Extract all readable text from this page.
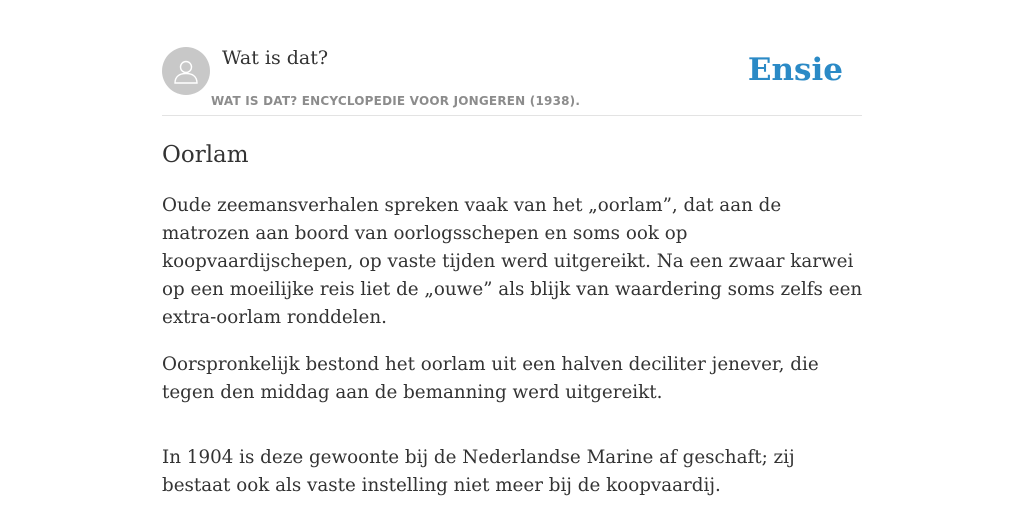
Wat is dat?
WAT IS DAT? ENCYCLOPEDIE VOOR JONGEREN (1938).
Ensie
Oorlam

Oude zeemansverhalen spreken vaak van het „oorlam”, dat aan de matrozen aan boord van oorlogsschepen en soms ook op koopvaardijschepen, op vaste tijden werd uitgereikt. Na een zwaar karwei op een moeilijke reis liet de „ouwe” als blijk van waardering soms zelfs een extra-oorlam ronddelen.

Oorspronkelijk bestond het oorlam uit een halven deciliter jenever, die tegen den middag aan de bemanning werd uitgereikt.

In 1904 is deze gewoonte bij de Nederlandse Marine af geschaft; zij bestaat ook als vaste instelling niet meer bij de koopvaardij.
